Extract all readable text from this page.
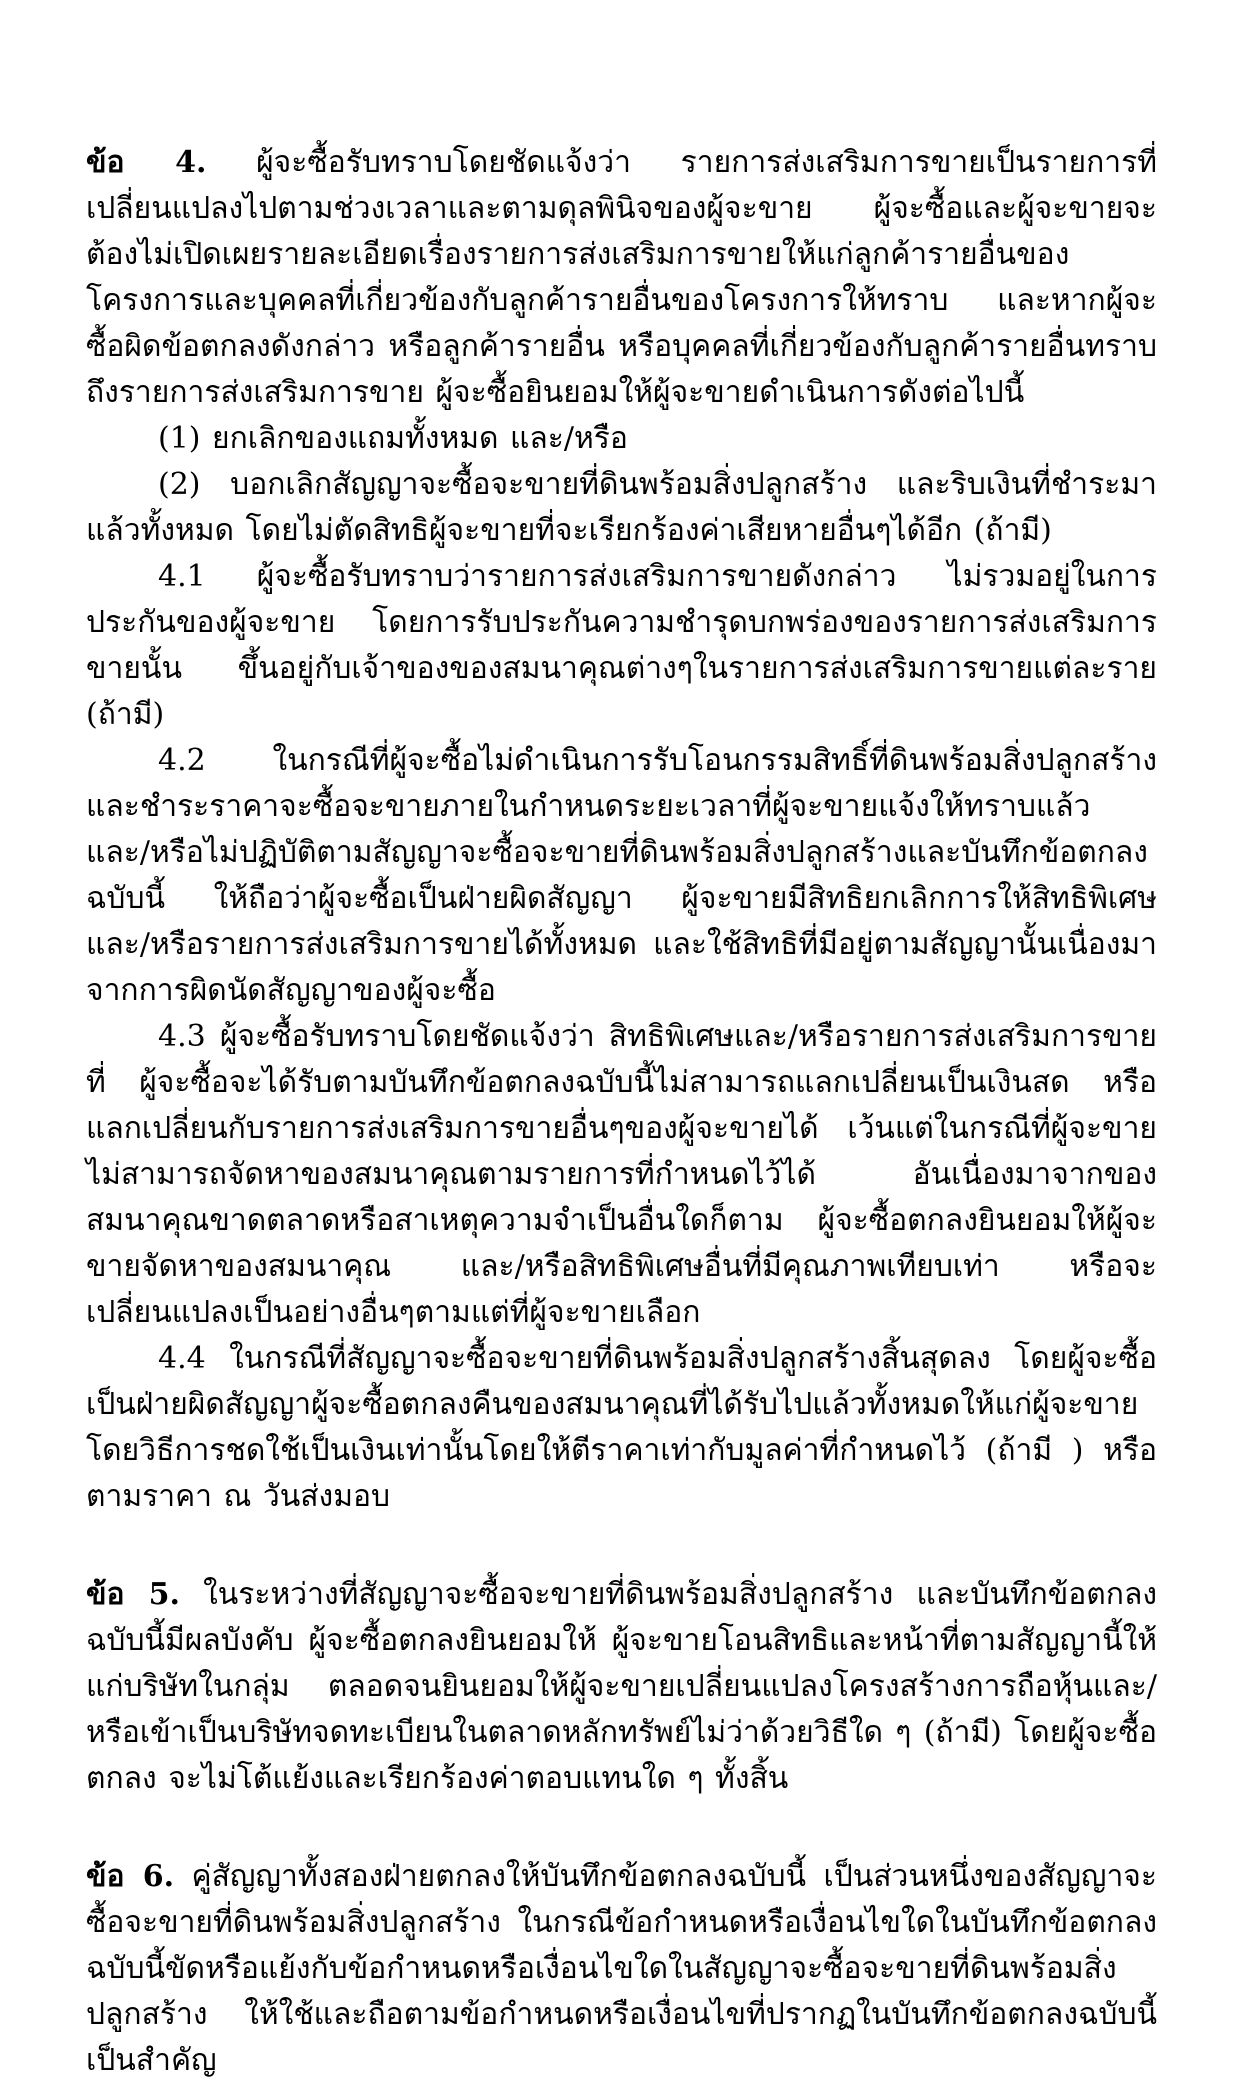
ข้อ 4. ผู้จะซื้อรับทราบโดยชัดแจ้งว่า รายการส่งเสริมการขายเป็นรายการที่เปลี่ยนแปลงไปตามช่วงเวลาและตามดุลพินิจของผู้จะขาย ผู้จะซื้อและผู้จะขายจะต้องไม่เปิดเผยรายละเอียดเรื่องรายการส่งเสริมการขายให้แก่ลูกค้ารายอื่นของโครงการและบุคคลที่เกี่ยวข้องกับลูกค้ารายอื่นของโครงการให้ทราบ และหากผู้จะซื้อผิดข้อตกลงดังกล่าว หรือลูกค้ารายอื่น หรือบุคคลที่เกี่ยวข้องกับลูกค้ารายอื่นทราบถึงรายการส่งเสริมการขาย ผู้จะซื้อยินยอมให้ผู้จะขายดำเนินการดังต่อไปนี้

(1) ยกเลิกของแถมทั้งหมด และ/หรือ

(2) บอกเลิกสัญญาจะซื้อจะขายที่ดินพร้อมสิ่งปลูกสร้าง และริบเงินที่ชำระมาแล้วทั้งหมด โดยไม่ตัดสิทธิผู้จะขายที่จะเรียกร้องค่าเสียหายอื่นๆได้อีก (ถ้ามี)

4.1 ผู้จะซื้อรับทราบว่ารายการส่งเสริมการขายดังกล่าว ไม่รวมอยู่ในการประกันของผู้จะขาย โดยการรับประกันความชำรุดบกพร่องของรายการส่งเสริมการขายนั้น ขึ้นอยู่กับเจ้าของของสมนาคุณต่างๆในรายการส่งเสริมการขายแต่ละราย (ถ้ามี)

4.2 ในกรณีที่ผู้จะซื้อไม่ดำเนินการรับโอนกรรมสิทธิ์ที่ดินพร้อมสิ่งปลูกสร้าง และชำระราคาจะซื้อจะขายภายในกำหนดระยะเวลาที่ผู้จะขายแจ้งให้ทราบแล้ว และ/หรือไม่ปฏิบัติตามสัญญาจะซื้อจะขายที่ดินพร้อมสิ่งปลูกสร้างและบันทึกข้อตกลงฉบับนี้ ให้ถือว่าผู้จะซื้อเป็นฝ่ายผิดสัญญา ผู้จะขายมีสิทธิยกเลิกการให้สิทธิพิเศษ และ/หรือรายการส่งเสริมการขายได้ทั้งหมด และใช้สิทธิที่มีอยู่ตามสัญญานั้นเนื่องมาจากการผิดนัดสัญญาของผู้จะซื้อ

4.3 ผู้จะซื้อรับทราบโดยชัดแจ้งว่า สิทธิพิเศษและ/หรือรายการส่งเสริมการขายที่ ผู้จะซื้อจะได้รับตามบันทึกข้อตกลงฉบับนี้ไม่สามารถแลกเปลี่ยนเป็นเงินสด หรือแลกเปลี่ยนกับรายการส่งเสริมการขายอื่นๆของผู้จะขายได้ เว้นแต่ในกรณีที่ผู้จะขายไม่สามารถจัดหาของสมนาคุณตามรายการที่กำหนดไว้ได้ อันเนื่องมาจากของสมนาคุณขาดตลาดหรือสาเหตุความจำเป็นอื่นใดก็ตาม ผู้จะซื้อตกลงยินยอมให้ผู้จะขายจัดหาของสมนาคุณ และ/หรือสิทธิพิเศษอื่นที่มีคุณภาพเทียบเท่า หรือจะเปลี่ยนแปลงเป็นอย่างอื่นๆตามแต่ที่ผู้จะขายเลือก

4.4 ในกรณีที่สัญญาจะซื้อจะขายที่ดินพร้อมสิ่งปลูกสร้างสิ้นสุดลง โดยผู้จะซื้อเป็นฝ่ายผิดสัญญาผู้จะซื้อตกลงคืนของสมนาคุณที่ได้รับไปแล้วทั้งหมดให้แก่ผู้จะขายโดยวิธีการชดใช้เป็นเงินเท่านั้นโดยให้ตีราคาเท่ากับมูลค่าที่กำหนดไว้ (ถ้ามี ) หรือตามราคา ณ วันส่งมอบ

ข้อ 5. ในระหว่างที่สัญญาจะซื้อจะขายที่ดินพร้อมสิ่งปลูกสร้าง และบันทึกข้อตกลงฉบับนี้มีผลบังคับ ผู้จะซื้อตกลงยินยอมให้ ผู้จะขายโอนสิทธิและหน้าที่ตามสัญญานี้ให้แก่บริษัทในกลุ่ม ตลอดจนยินยอมให้ผู้จะขายเปลี่ยนแปลงโครงสร้างการถือหุ้นและ/หรือเข้าเป็นบริษัทจดทะเบียนในตลาดหลักทรัพย์ไม่ว่าด้วยวิธีใด ๆ (ถ้ามี) โดยผู้จะซื้อตกลง จะไม่โต้แย้งและเรียกร้องค่าตอบแทนใด ๆ ทั้งสิ้น

ข้อ 6. คู่สัญญาทั้งสองฝ่ายตกลงให้บันทึกข้อตกลงฉบับนี้ เป็นส่วนหนึ่งของสัญญาจะซื้อจะขายที่ดินพร้อมสิ่งปลูกสร้าง ในกรณีข้อกำหนดหรือเงื่อนไขใดในบันทึกข้อตกลงฉบับนี้ขัดหรือแย้งกับข้อกำหนดหรือเงื่อนไขใดในสัญญาจะซื้อจะขายที่ดินพร้อมสิ่งปลูกสร้าง ให้ใช้และถือตามข้อกำหนดหรือเงื่อนไขที่ปรากฏในบันทึกข้อตกลงฉบับนี้เป็นสำคัญ
